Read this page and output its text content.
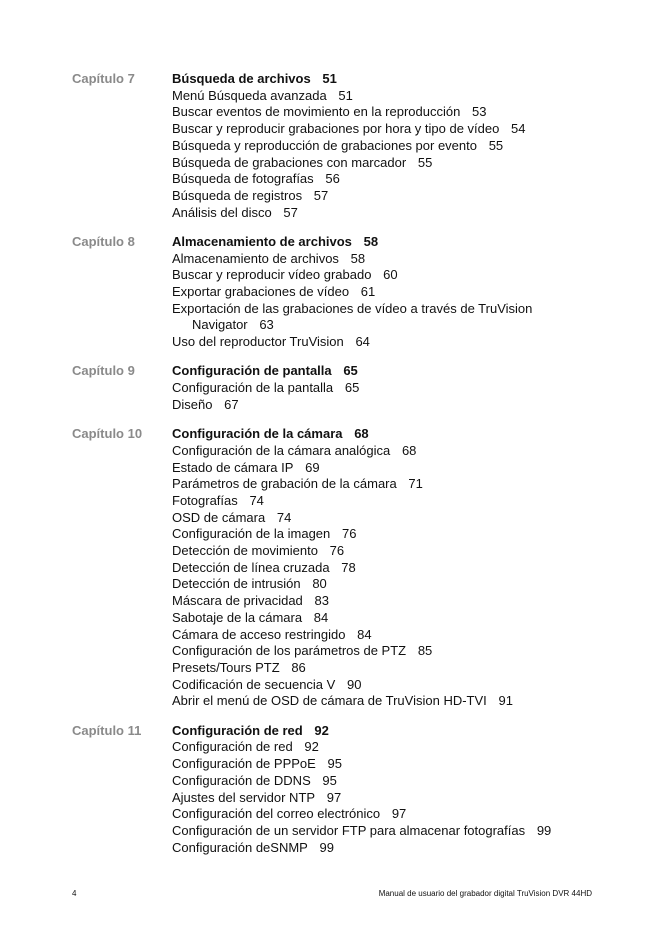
Capítulo 7	Búsqueda de archivos 51
Menú Búsqueda avanzada 51
Buscar eventos de movimiento en la reproducción 53
Buscar y reproducir grabaciones por hora y tipo de vídeo 54
Búsqueda y reproducción de grabaciones por evento 55
Búsqueda de grabaciones con marcador 55
Búsqueda de fotografías 56
Búsqueda de registros 57
Análisis del disco 57
Capítulo 8	Almacenamiento de archivos 58
Almacenamiento de archivos 58
Buscar y reproducir vídeo grabado 60
Exportar grabaciones de vídeo 61
Exportación de las grabaciones de vídeo a través de TruVision
Navigator 63
Uso del reproductor TruVision 64
Capítulo 9	Configuración de pantalla 65
Configuración de la pantalla 65
Diseño 67
Capítulo 10 Configuración de la cámara 68
Configuración de la cámara analógica 68
Estado de cámara IP 69
Parámetros de grabación de la cámara 71
Fotografías 74
OSD de cámara 74
Configuración de la imagen 76
Detección de movimiento 76
Detección de línea cruzada 78
Detección de intrusión 80
Máscara de privacidad 83
Sabotaje de la cámara 84
Cámara de acceso restringido 84
Configuración de los parámetros de PTZ 85
Presets/Tours PTZ 86
Codificación de secuencia V 90
Abrir el menú de OSD de cámara de TruVision HD-TVI 91
Capítulo 11 Configuración de red 92
Configuración de red 92
Configuración de PPPoE 95
Configuración de DDNS 95
Ajustes del servidor NTP 97
Configuración del correo electrónico 97
Configuración de un servidor FTP para almacenar fotografías 99
Configuración deSNMP 99
4	Manual de usuario del grabador digital TruVision DVR 44HD
